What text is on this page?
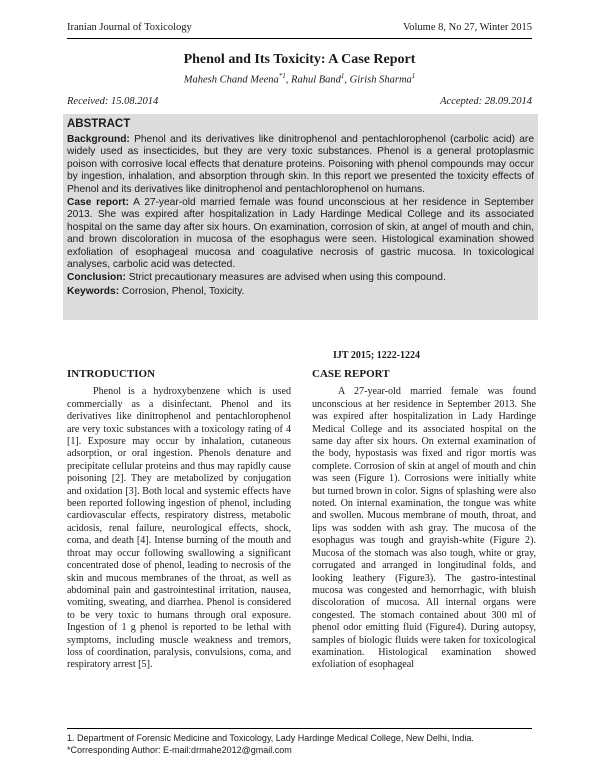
Iranian Journal of Toxicology	Volume 8, No 27, Winter 2015
Phenol and Its Toxicity: A Case Report
Mahesh Chand Meena$^{*1}$, Rahul Band$^1$, Girish Sharma$^1$
Received: 15.08.2014	Accepted: 28.09.2014
ABSTRACT

Background: Phenol and its derivatives like dinitrophenol and pentachlorophenol (carbolic acid) are widely used as insecticides, but they are very toxic substances. Phenol is a general protoplasmic poison with corrosive local effects that denature proteins. Poisoning with phenol compounds may occur by ingestion, inhalation, and absorption through skin. In this report we presented the toxicity effects of Phenol and its derivatives like dinitrophenol and pentachlorophenol on humans.

Case report: A 27-year-old married female was found unconscious at her residence in September 2013. She was expired after hospitalization in Lady Hardinge Medical College and its associated hospital on the same day after six hours. On examination, corrosion of skin, at angel of mouth and chin, and brown discoloration in mucosa of the esophagus were seen. Histological examination showed exfoliation of esophageal mucosa and coagulative necrosis of gastric mucosa. In toxicological analyses, carbolic acid was detected.

Conclusion: Strict precautionary measures are advised when using this compound.

Keywords: Corrosion, Phenol, Toxicity.

IJT 2015; 1222-1224
INTRODUCTION

Phenol is a hydroxybenzene which is used commercially as a disinfectant. Phenol and its derivatives like dinitrophenol and pentachlorophenol are very toxic substances with a toxicology rating of 4 [1]. Exposure may occur by inhalation, cutaneous adsorption, or oral ingestion. Phenols denature and precipitate cellular proteins and thus may rapidly cause poisoning [2]. They are metabolized by conjugation and oxidation [3]. Both local and systemic effects have been reported following ingestion of phenol, including cardiovascular effects, respiratory distress, metabolic acidosis, renal failure, neurological effects, shock, coma, and death [4]. Intense burning of the mouth and throat may occur following swallowing a significant concentrated dose of phenol, leading to necrosis of the skin and mucous membranes of the throat, as well as abdominal pain and gastrointestinal irritation, nausea, vomiting, sweating, and diarrhea. Phenol is considered to be very toxic to humans through oral exposure. Ingestion of 1 g phenol is reported to be lethal with symptoms, including muscle weakness and tremors, loss of coordination, paralysis, convulsions, coma, and respiratory arrest [5].

CASE REPORT

A 27-year-old married female was found unconscious at her residence in September 2013. She was expired after hospitalization in Lady Hardinge Medical College and its associated hospital on the same day after six hours. On external examination of the body, hypostasis was fixed and rigor mortis was complete. Corrosion of skin at angel of mouth and chin was seen (Figure 1). Corrosions were initially white but turned brown in color. Signs of splashing were also noted. On internal examination, the tongue was white and swollen. Mucous membrane of mouth, throat, and lips was sodden with ash gray. The mucosa of the esophagus was tough and grayish-white (Figure 2). Mucosa of the stomach was also tough, white or gray, corrugated and arranged in longitudinal folds, and looking leathery (Figure3). The gastro-intestinal mucosa was congested and hemorrhagic, with bluish discoloration of mucosa. All internal organs were congested. The stomach contained about 300 ml of phenol odor emitting fluid (Figure4). During autopsy, samples of biologic fluids were taken for toxicological examination. Histological examination showed exfoliation of esophageal

1. Department of Forensic Medicine and Toxicology, Lady Hardinge Medical College, New Delhi, India.
*Corresponding Author: E-mail:drmahe2012@gmail.com
